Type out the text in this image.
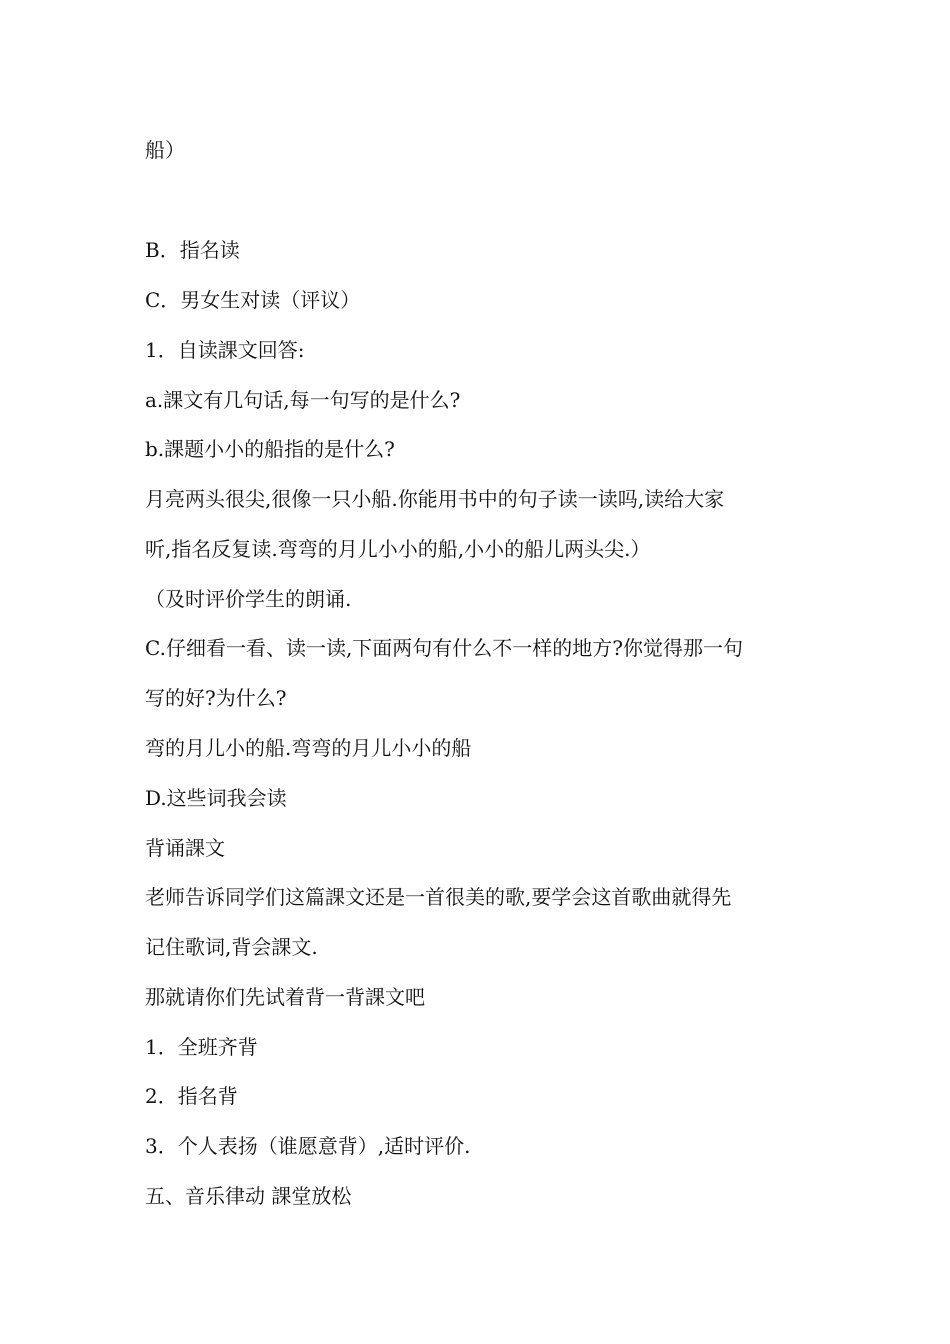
船）

B．指名读

C．男女生对读（评议）

1．自读課文回答:

a.課文有几句话,每一句写的是什么?

b.課题小小的船指的是什么?

月亮两头很尖,很像一只小船.你能用书中的句子读一读吗,读给大家

听,指名反复读.弯弯的月儿小小的船,小小的船儿两头尖.）

（及时评价学生的朗诵.

C.仔细看一看、读一读,下面两句有什么不一样的地方?你觉得那一句

写的好?为什么?

弯的月儿小的船.弯弯的月儿小小的船

D.这些词我会读

背诵課文

老师告诉同学们这篇課文还是一首很美的歌,要学会这首歌曲就得先

记住歌词,背会課文.

那就请你们先试着背一背課文吧

1．全班齐背

2．指名背

3．个人表扬（谁愿意背）,适时评价.

五、音乐律动 課堂放松
